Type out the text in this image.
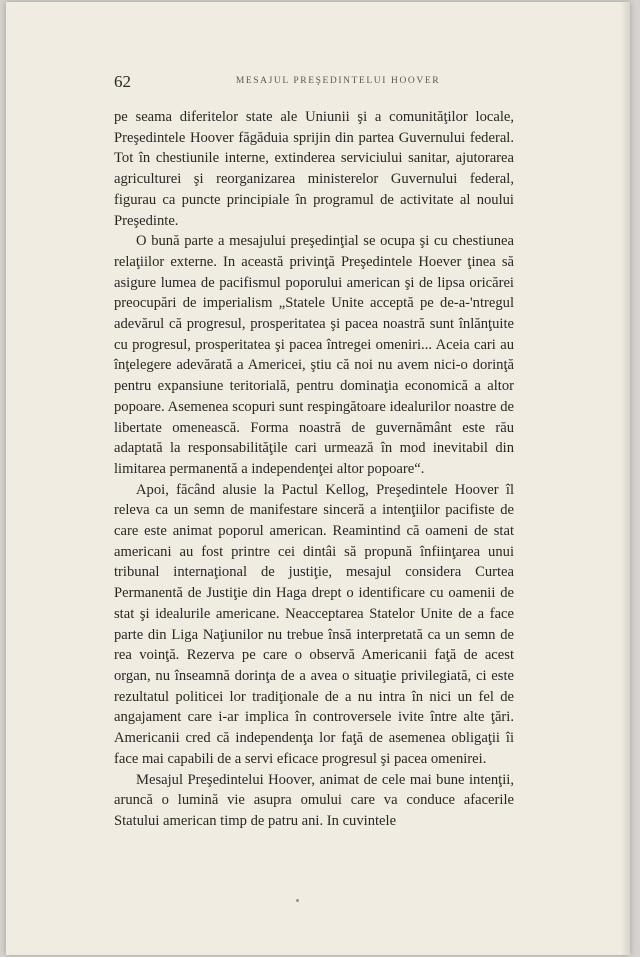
62	MESAJUL PREŞEDINTELUI HOOVER

pe seama diferitelor state ale Uniunii şi a comunităţilor locale, Preşedintele Hoover făgăduia sprijin din partea Guvernului federal. Tot în chestiunile interne, extinderea serviciului sanitar, ajutorarea agriculturei şi reorganizarea ministerelor Guvernului federal, figurau ca puncte principiale în programul de activitate al noului Preşedinte.

O bună parte a mesajului preşedinţial se ocupa şi cu chestiunea relaţiilor externe. In această privinţă Preşedintele Hoever ţinea să asigure lumea de pacifismul poporului american şi de lipsa oricărei preocupări de imperialism „Statele Unite acceptă pe de-a-'ntregul adevărul că progresul, prosperitatea şi pacea noastră sunt înlănţuite cu progresul, prosperitatea şi pacea întregei omeniri... Aceia cari au înţelegere adevărată a Americei, ştiu că noi nu avem nici-o dorinţă pentru expansiune teritorială, pentru dominaţia economică a altor popoare. Asemenea scopuri sunt respingătoare idealurilor noastre de libertate omenească. Forma noastră de guvernământ este rău adaptată la responsabilităţile cari urmează în mod inevitabil din limitarea permanentă a independenţei altor popoare“.

Apoi, făcând alusie la Pactul Kellog, Preşedintele Hoover îl releva ca un semn de manifestare sinceră a intenţiilor pacifiste de care este animat poporul american. Reamintind că oameni de stat americani au fost printre cei dintâi să propună înfiinţarea unui tribunal internaţional de justiţie, mesajul considera Curtea Permanentă de Justiţie din Haga drept o identificare cu oamenii de stat şi idealurile americane. Neacceptarea Statelor Unite de a face parte din Liga Naţiunilor nu trebue însă interpretată ca un semn de rea voinţă. Rezerva pe care o observă Americanii faţă de acest organ, nu înseamnă dorinţa de a avea o situaţie privilegiată, ci este rezultatul politicei lor tradiţionale de a nu intra în nici un fel de angajament care i-ar implica în controversele ivite între alte ţări. Americanii cred că independenţa lor faţă de asemenea obligaţii îi face mai capabili de a servi eficace progresul şi pacea omenirei.

Mesajul Preşedintelui Hoover, animat de cele mai bune intenţii, aruncă o lumină vie asupra omului care va conduce afacerile Statului american timp de patru ani. In cuvintele
